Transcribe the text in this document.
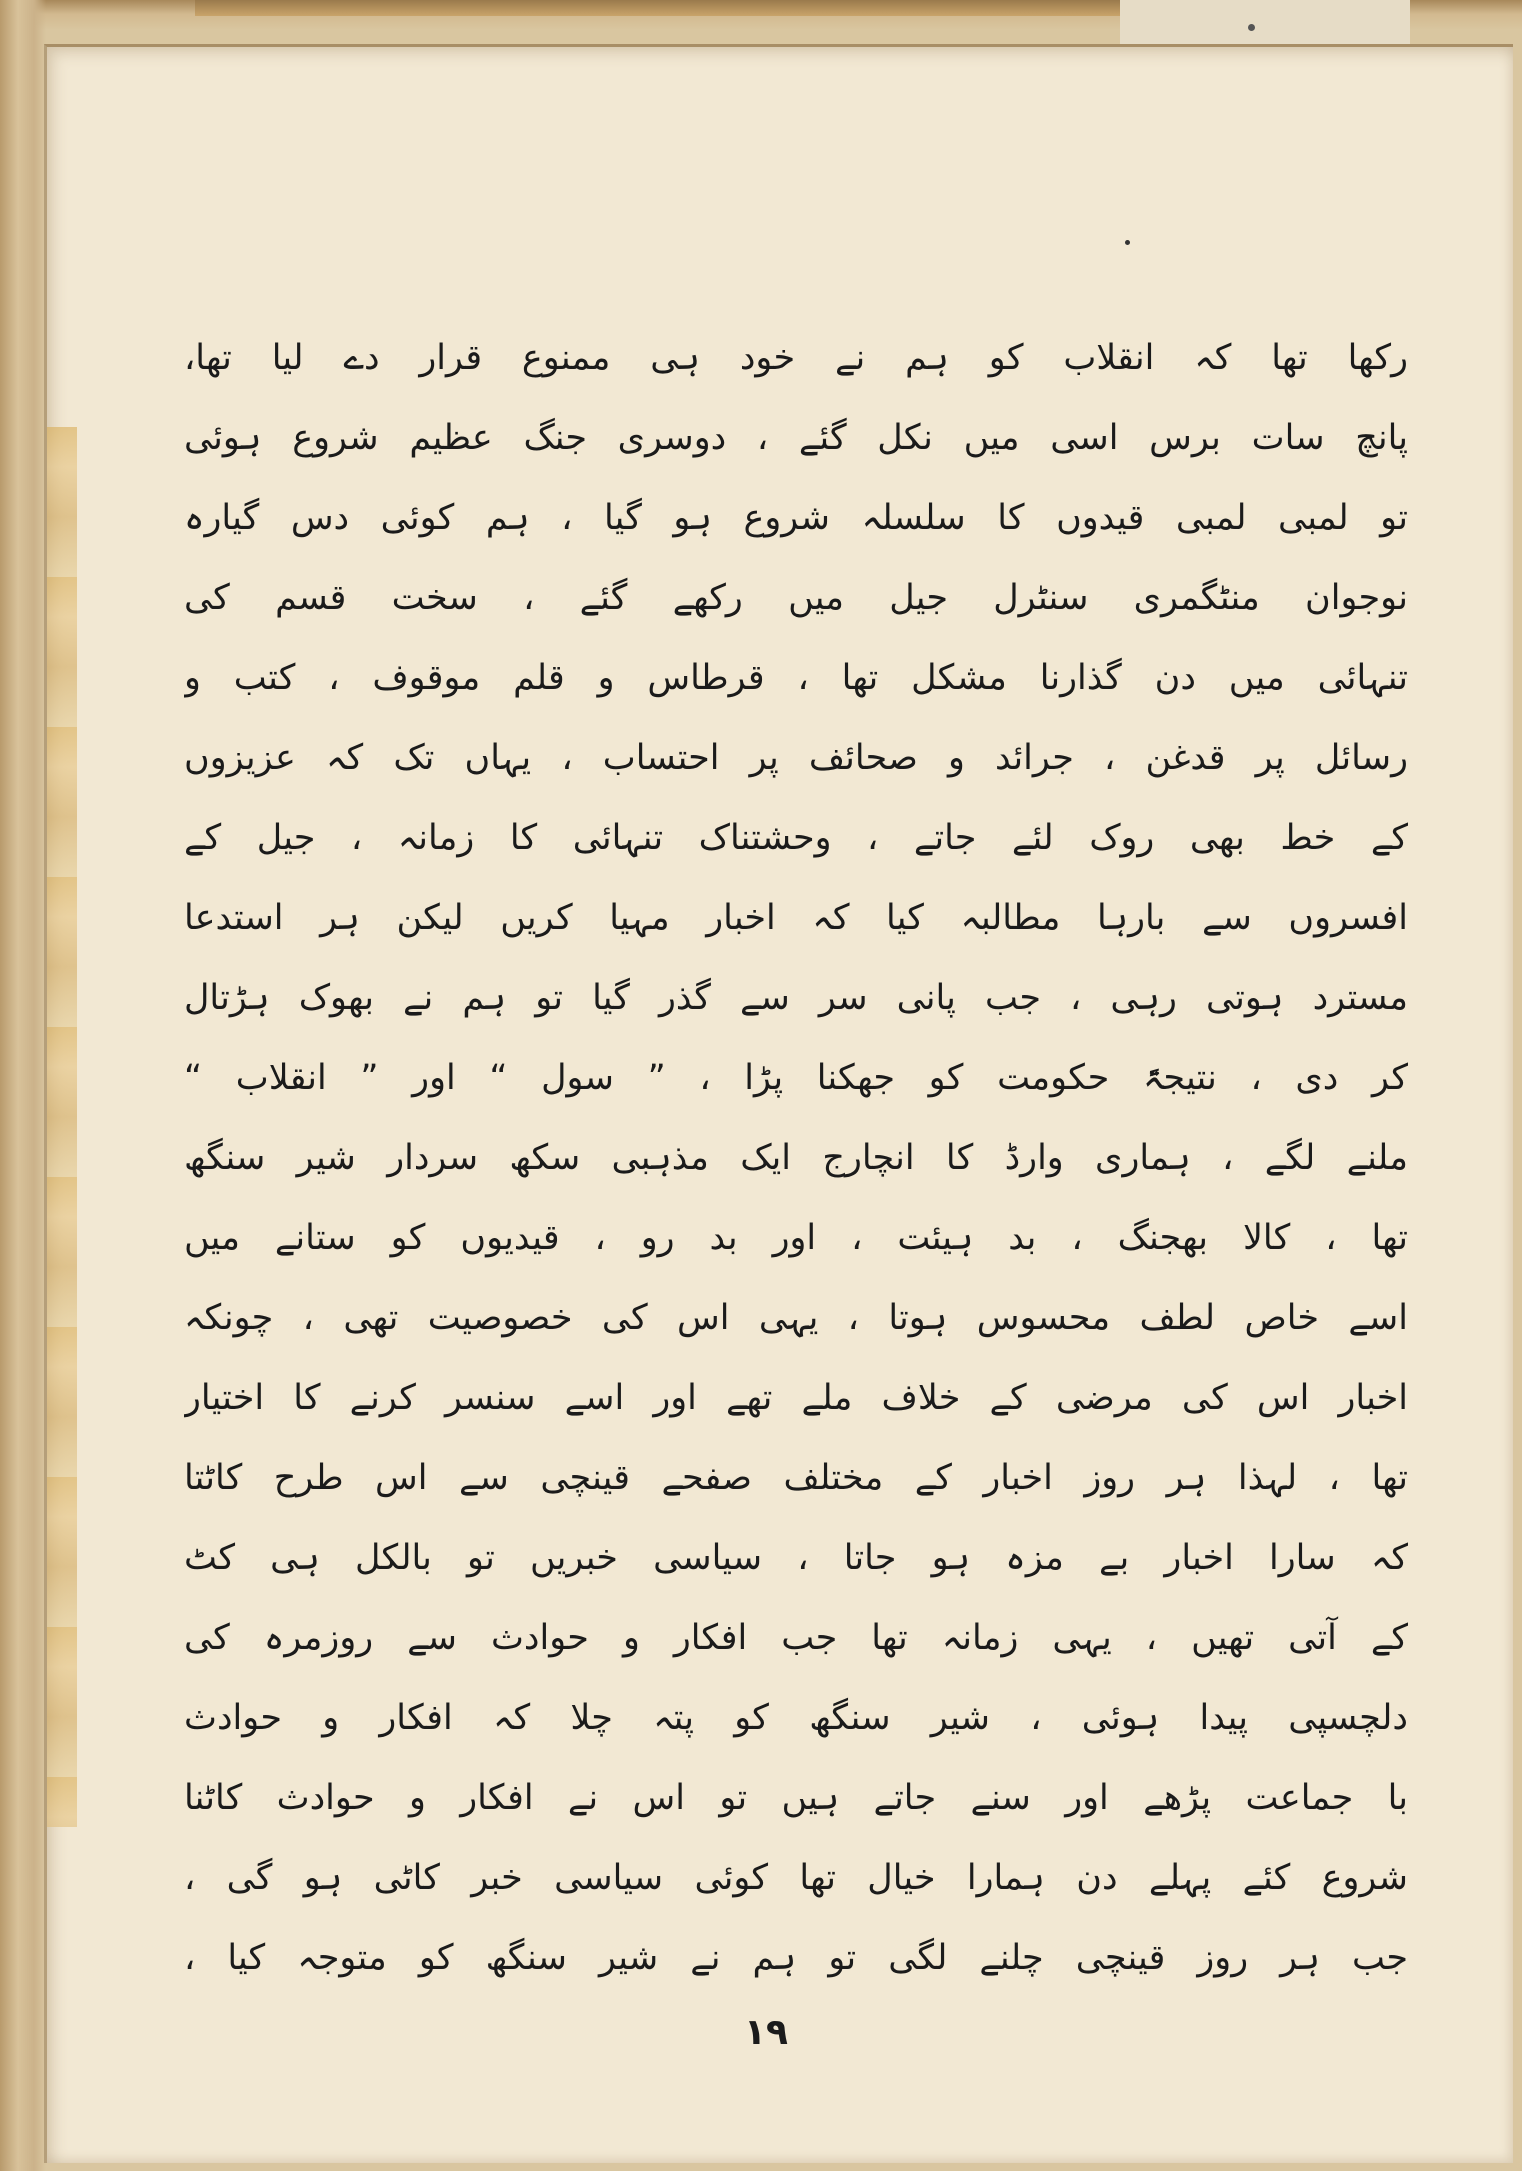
رکھا تھا کہ انقلاب کو ہم نے خود ہی ممنوع قرار دے لیا تھا،
پانچ سات برس اسی میں نکل گئے ، دوسری جنگ عظیم شروع ہوئی
تو لمبی لمبی قیدوں کا سلسلہ شروع ہو گیا ، ہم کوئی دس گیارہ
نوجوان منٹگمری سنٹرل جیل میں رکھے گئے ، سخت قسم کی
تنہائی میں دن گذارنا مشکل تھا ، قرطاس و قلم موقوف ، کتب و
رسائل پر قدغن ، جرائد و صحائف پر احتساب ، یہاں تک کہ عزیزوں
کے خط بھی روک لئے جاتے ، وحشتناک تنہائی کا زمانہ ، جیل کے
افسروں سے بارہا مطالبہ کیا کہ اخبار مہیا کریں لیکن ہر استدعا
مسترد ہوتی رہی ، جب پانی سر سے گذر گیا تو ہم نے بھوک ہڑتال
کر دی ، نتیجۃً حکومت کو جھکنا پڑا ، ” سول “ اور ” انقلاب “
ملنے لگے ، ہماری وارڈ کا انچارج ایک مذہبی سکھ سردار شیر سنگھ
تھا ، کالا بھجنگ ، بد ہیئت ، اور بد رو ، قیدیوں کو ستانے میں
اسے خاص لطف محسوس ہوتا ، یہی اس کی خصوصیت تھی ، چونکہ
اخبار اس کی مرضی کے خلاف ملے تھے اور اسے سنسر کرنے کا اختیار
تھا ، لہذا ہر روز اخبار کے مختلف صفحے قینچی سے اس طرح کاٹتا
کہ سارا اخبار بے مزہ ہو جاتا ، سیاسی خبریں تو بالکل ہی کٹ
کے آتی تھیں ، یہی زمانہ تھا جب افکار و حوادث سے روزمرہ کی
دلچسپی پیدا ہوئی ، شیر سنگھ کو پتہ چلا کہ افکار و حوادث
با جماعت پڑھے اور سنے جاتے ہیں تو اس نے افکار و حوادث کاٹنا
شروع کئے پہلے دن ہمارا خیال تھا کوئی سیاسی خبر کاٹی ہو گی ،
جب ہر روز قینچی چلنے لگی تو ہم نے شیر سنگھ کو متوجہ کیا ،
۱۹
